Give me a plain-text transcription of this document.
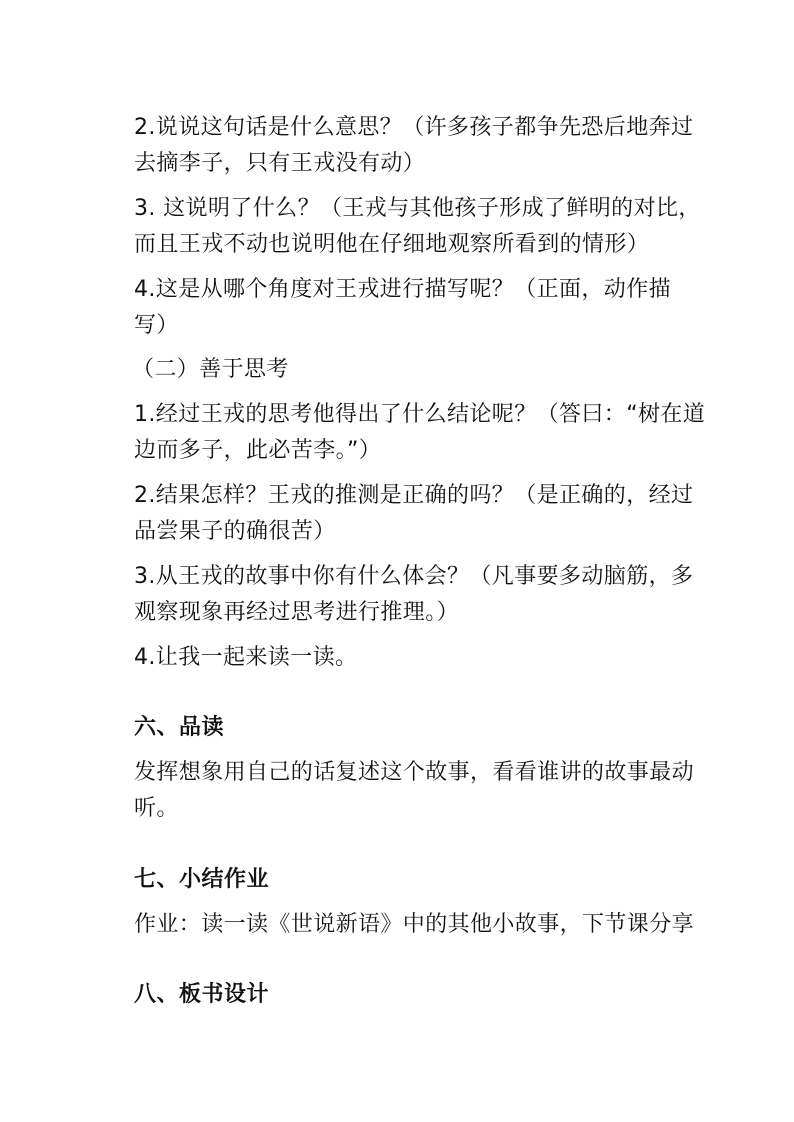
2.说说这句话是什么意思？（许多孩子都争先恐后地奔过
去摘李子，只有王戎没有动）
3. 这说明了什么？（王戎与其他孩子形成了鲜明的对比，
而且王戎不动也说明他在仔细地观察所看到的情形）
4.这是从哪个角度对王戎进行描写呢？（正面，动作描
写）
（二）善于思考
1.经过王戎的思考他得出了什么结论呢？（答曰：“树在道
边而多子，此必苦李。”）
2.结果怎样？王戎的推测是正确的吗？（是正确的，经过
品尝果子的确很苦）
3.从王戎的故事中你有什么体会？（凡事要多动脑筋，多
观察现象再经过思考进行推理。）
4.让我一起来读一读。
六、品读
发挥想象用自己的话复述这个故事，看看谁讲的故事最动
听。
七、小结作业
作业：读一读《世说新语》中的其他小故事，下节课分享
八、板书设计
